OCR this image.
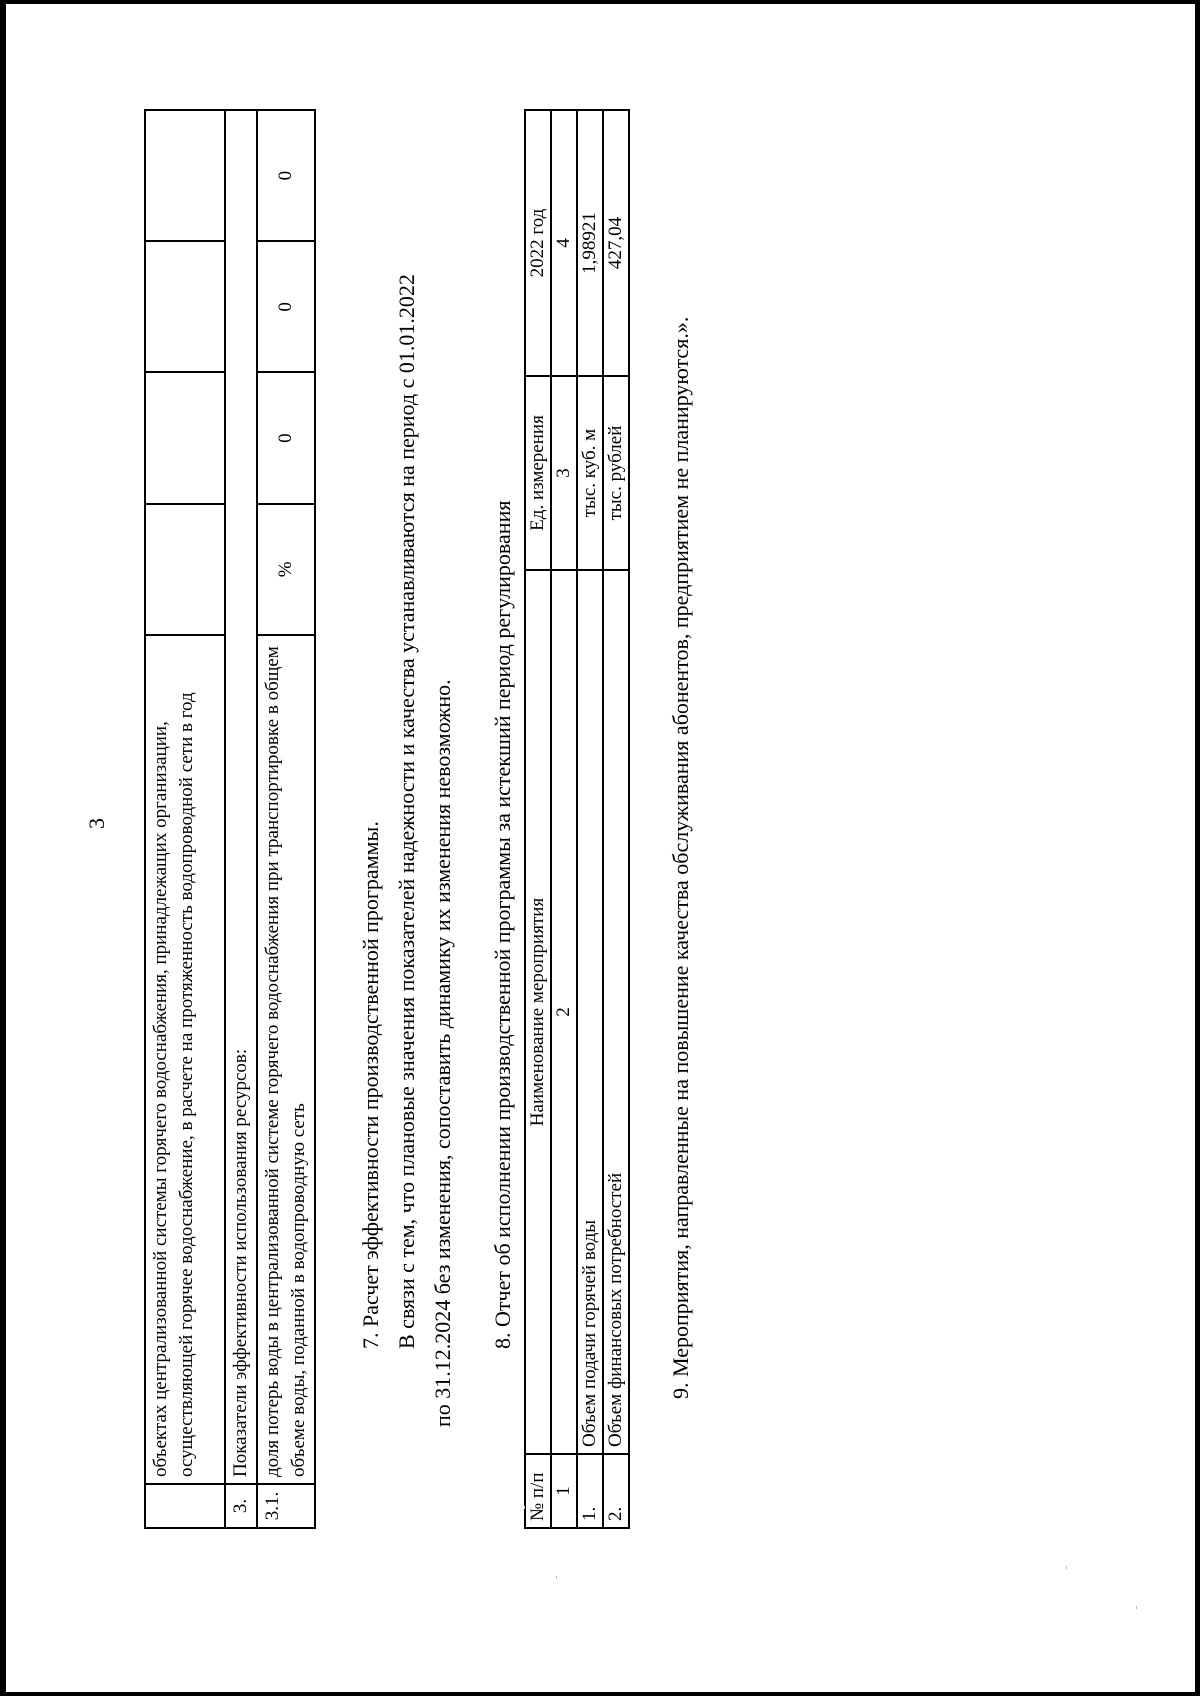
3
	объектах централизованной системы горячего водоснабжения, принадлежащих организации, осуществляющей горячее водоснабжение, в расчете на протяженность водопроводной сети в год				
3.	Показатели эффективности использования ресурсов:				
3.1.	доля потерь воды в централизованной системе горячего водоснабжения при транспортировке в общем объеме воды, поданной в водопроводную сеть	%	0	0	0
7. Расчет эффективности производственной программы. В связи с тем, что плановые значения показателей надежности и качества устанавливаются на период с 01.01.2022 по 31.12.2024 без изменения, сопоставить динамику их изменения невозможно. 8. Отчет об исполнении производственной программы за истекший период регулирования
№ п/п	Наименование мероприятия	Ед. измерения	2022 год
1	2	3	4
1.	Объем подачи горячей воды	тыс. куб. м	1,98921
2.	Объем финансовых потребностей	тыс. рублей	427,04
9. Мероприятия, направленные на повышение качества обслуживания абонентов, предприятием не планируются.».
